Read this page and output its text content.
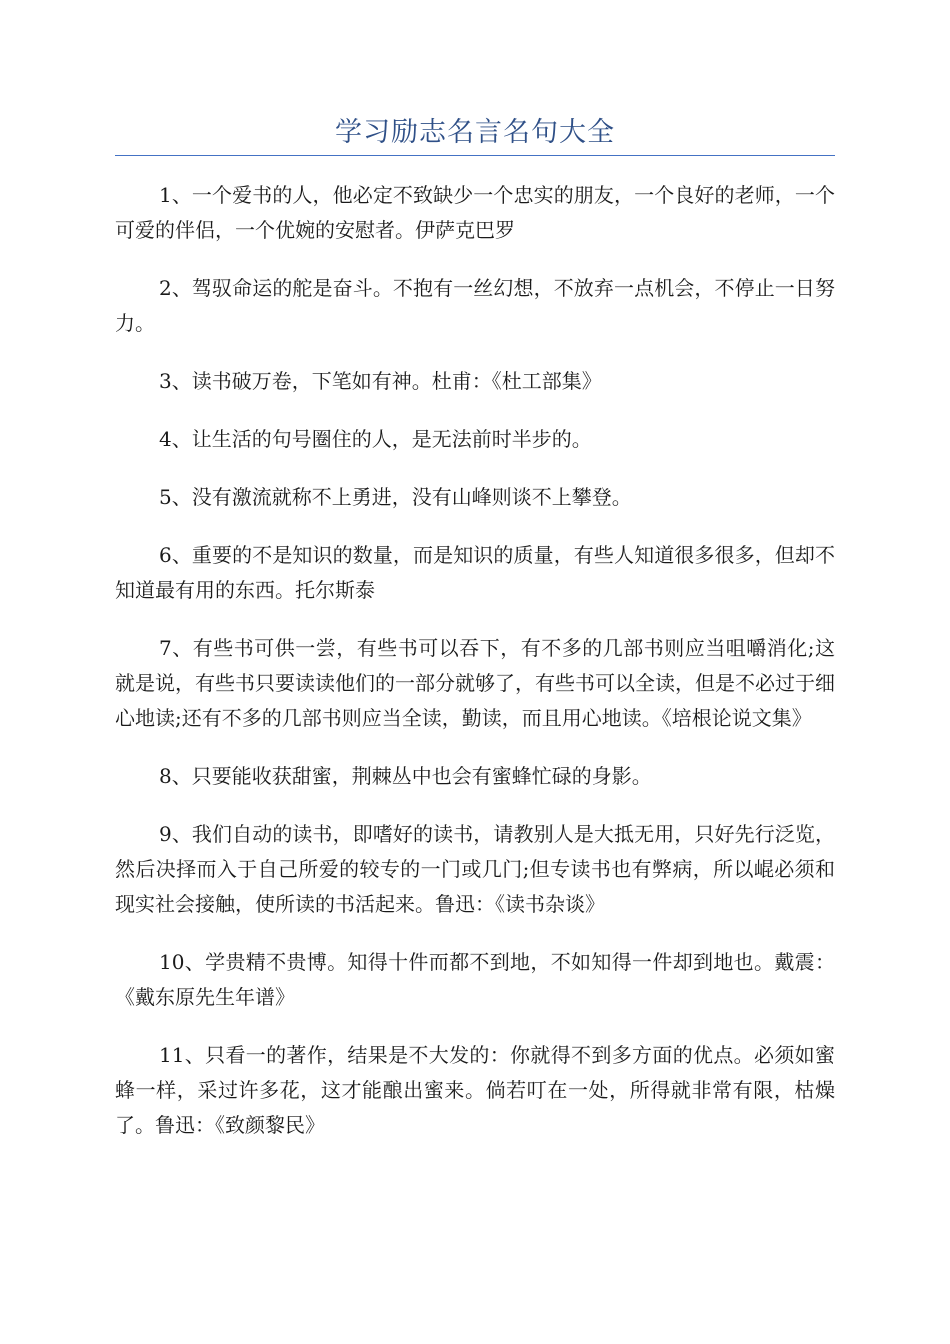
学习励志名言名句大全

1、一个爱书的人，他必定不致缺少一个忠实的朋友，一个良好的老师，一个可爱的伴侣，一个优婉的安慰者。伊萨克巴罗

2、驾驭命运的舵是奋斗。不抱有一丝幻想，不放弃一点机会，不停止一日努力。

3、读书破万卷，下笔如有神。杜甫：《杜工部集》

4、让生活的句号圈住的人，是无法前时半步的。

5、没有激流就称不上勇进，没有山峰则谈不上攀登。

6、重要的不是知识的数量，而是知识的质量，有些人知道很多很多，但却不知道最有用的东西。托尔斯泰

7、有些书可供一尝，有些书可以吞下，有不多的几部书则应当咀嚼消化;这就是说，有些书只要读读他们的一部分就够了，有些书可以全读，但是不必过于细心地读;还有不多的几部书则应当全读，勤读，而且用心地读。《培根论说文集》

8、只要能收获甜蜜，荆棘丛中也会有蜜蜂忙碌的身影。

9、我们自动的读书，即嗜好的读书，请教别人是大抵无用，只好先行泛览，然后决择而入于自己所爱的较专的一门或几门;但专读书也有弊病，所以崐必须和现实社会接触，使所读的书活起来。鲁迅：《读书杂谈》

10、学贵精不贵博。知得十件而都不到地，不如知得一件却到地也。戴震：《戴东原先生年谱》

11、只看一的著作，结果是不大发的：你就得不到多方面的优点。必须如蜜蜂一样，采过许多花，这才能酿出蜜来。倘若叮在一处，所得就非常有限，枯燥了。鲁迅：《致颜黎民》
